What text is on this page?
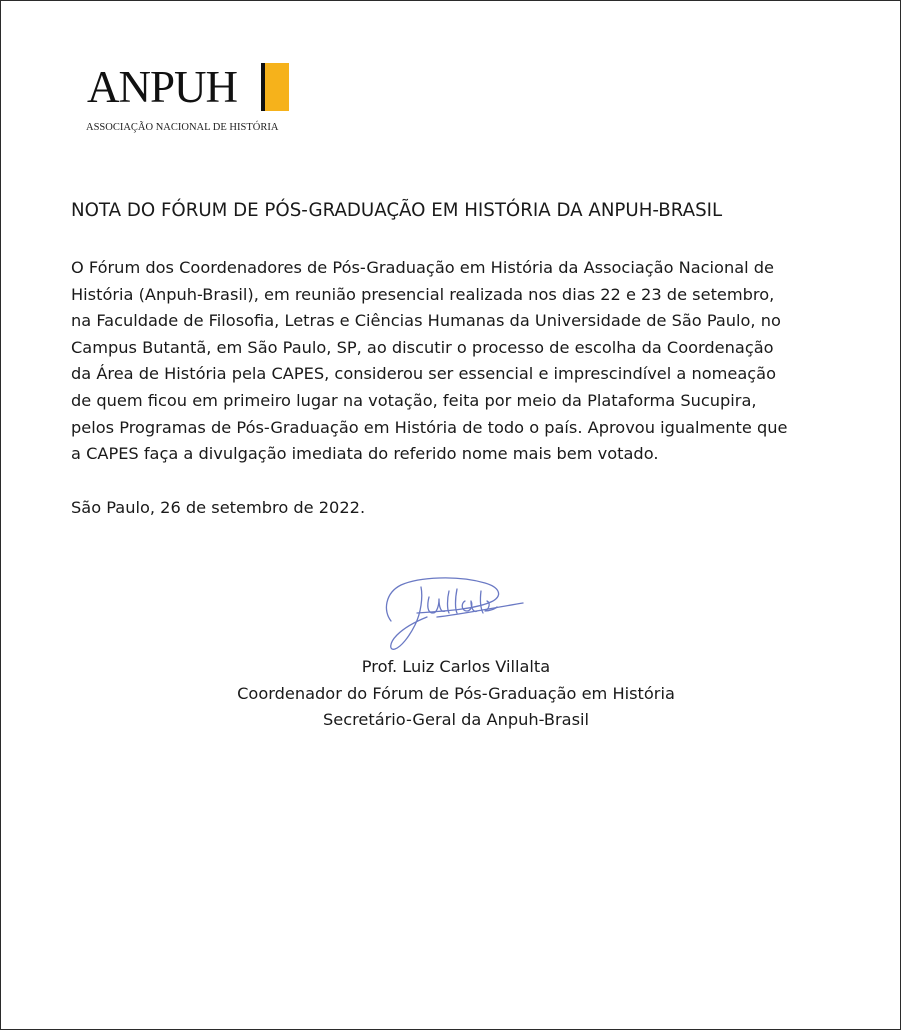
ANPUH
ASSOCIAÇÃO NACIONAL DE HISTÓRIA
NOTA DO FÓRUM DE PÓS-GRADUAÇÃO EM HISTÓRIA DA ANPUH-BRASIL

O Fórum dos Coordenadores de Pós-Graduação em História da Associação Nacional de
História (Anpuh-Brasil), em reunião presencial realizada nos dias 22 e 23 de setembro,
na Faculdade de Filosofia, Letras e Ciências Humanas da Universidade de São Paulo, no
Campus Butantã, em São Paulo, SP, ao discutir o processo de escolha da Coordenação
da Área de História pela CAPES, considerou ser essencial e imprescindível a nomeação
de quem ficou em primeiro lugar na votação, feita por meio da Plataforma Sucupira,
pelos Programas de Pós-Graduação em História de todo o país. Aprovou igualmente que
a CAPES faça a divulgação imediata do referido nome mais bem votado.

São Paulo, 26 de setembro de 2022.

Prof. Luiz Carlos Villalta
Coordenador do Fórum de Pós-Graduação em História
Secretário-Geral da Anpuh-Brasil
